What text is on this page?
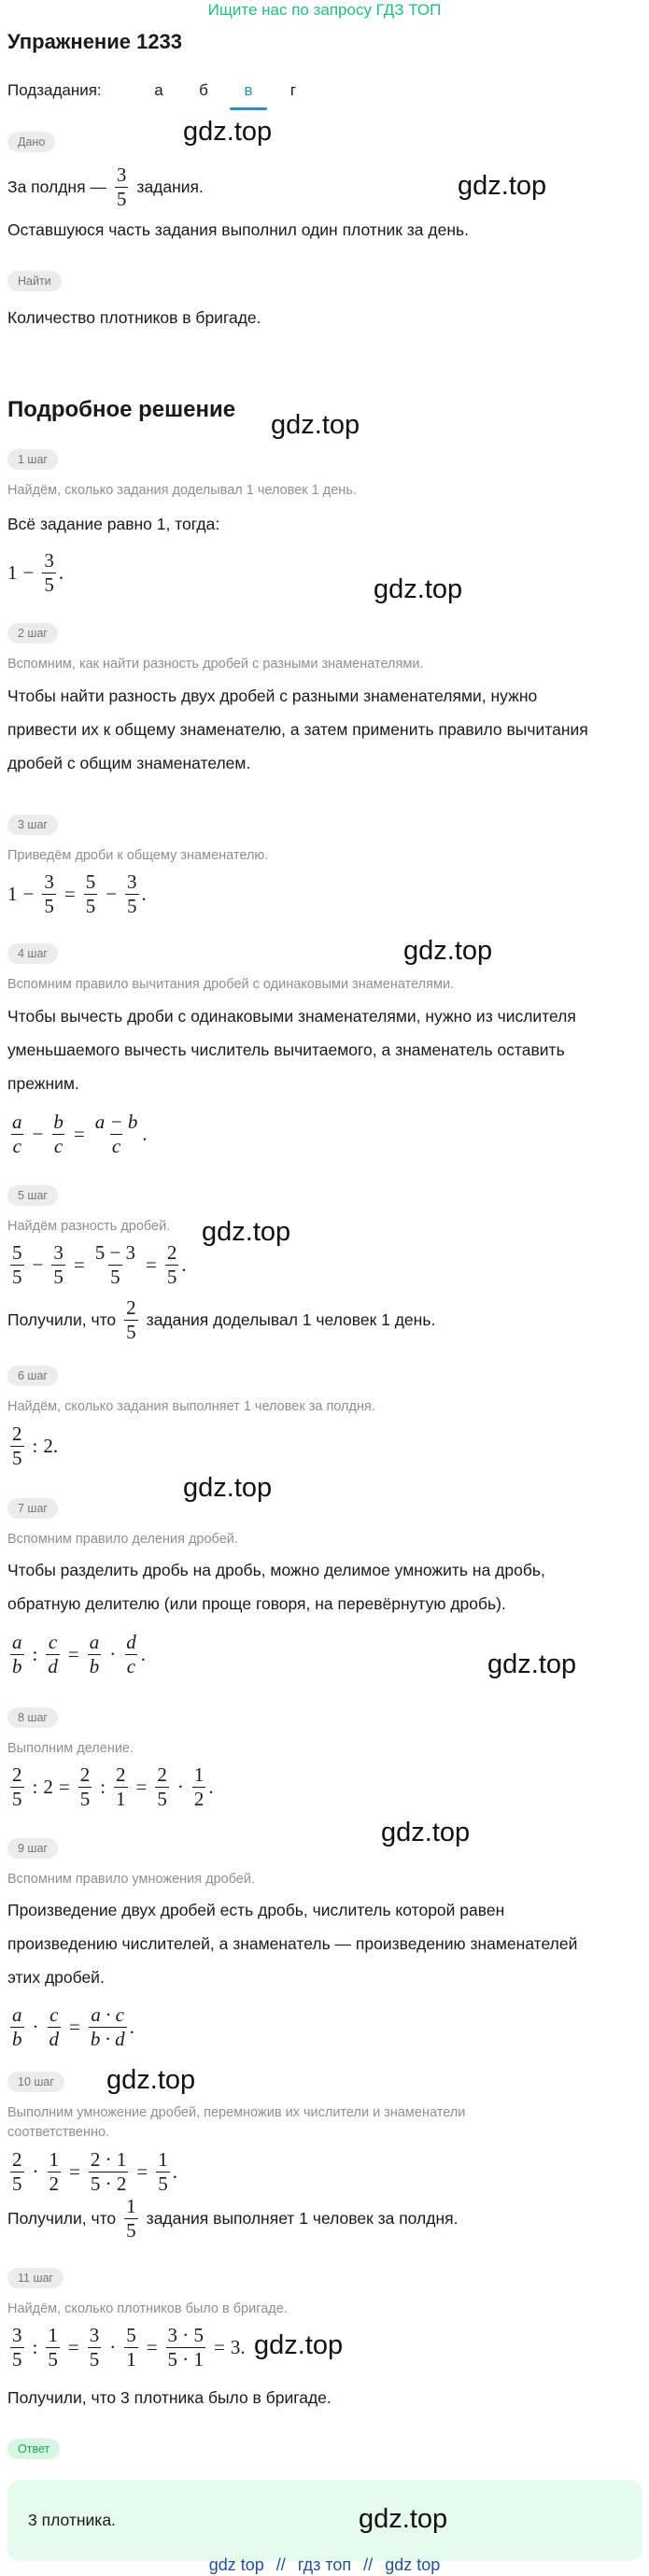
Ищите нас по запросу ГДЗ ТОП
Упражнение 1233
Подзадания:	а	б	в	г
Дано	gdz.top
За полдня — $\frac{3}{5}$ задания.	gdz.top
Оставшуюся часть задания выполнил один плотник за день.
Найти
Количество плотников в бригаде.
Подробное решение
gdz.top
1 шаг
Найдём, сколько задания доделывал 1 человек 1 день.
Всё задание равно 1, тогда:
$1 - \frac{3}{5}$ .
gdz.top
2 шаг
Вспомним, как найти разность дробей с разными знаменателями.
Чтобы найти разность двух дробей с разными знаменателями, нужно
привести их к общему знаменателю, а затем применить правило вычитания
дробей с общим знаменателем.
3 шаг
Приведём дроби к общему знаменателю.
$1 - \frac{3}{5} = \frac{5}{5} - \frac{3}{5}$ .
4 шаг	gdz.top
Вспомним правило вычитания дробей с одинаковыми знаменателями.
Чтобы вычесть дроби с одинаковыми знаменателями, нужно из числителя
уменьшаемого вычесть числитель вычитаемого, а знаменатель оставить
прежним.
$\frac{a}{c} - \frac{b}{c} = \frac{a - b}{c}$ .
5 шаг
Найдём разность дробей.	gdz.top
$\frac{5}{5} - \frac{3}{5} = \frac{5 - 3}{5} = \frac{2}{5}$ .
Получили, что $\frac{2}{5}$ задания доделывал 1 человек 1 день.
6 шаг
Найдём, сколько задания выполняет 1 человек за полдня.
$\frac{2}{5}$ : 2.
gdz.top
7 шаг
Вспомним правило деления дробей.
Чтобы разделить дробь на дробь, можно делимое умножить на дробь,
обратную делителю (или проще говоря, на перевёрнутую дробь).
$\frac{a}{b}$ : $\frac{c}{d} = \frac{a}{b} \cdot \frac{d}{c}$ .	gdz.top
8 шаг
Выполним деление.
$\frac{2}{5}$ : $2 = \frac{2}{5}$ : $\frac{2}{1} = \frac{2}{5} \cdot \frac{1}{2}$ .
gdz.top
9 шаг
Вспомним правило умножения дробей.
Произведение двух дробей есть дробь, числитель которой равен
произведению числителей, а знаменатель — произведению знаменателей
этих дробей.
$\frac{a}{b} \cdot \frac{c}{d} = \frac{a \cdot c}{b \cdot d}$ .
10 шаг	gdz.top
Выполним умножение дробей, перемножив их числители и знаменатели
соответственно.
$\frac{2}{5} \cdot \frac{1}{2} = \frac{2 \cdot 1}{5 \cdot 2} = \frac{1}{5}$ .
Получили, что $\frac{1}{5}$ задания выполняет 1 человек за полдня.
11 шаг
Найдём, сколько плотников было в бригаде.
$\frac{3}{5}$ : $\frac{1}{5} = \frac{3}{5} \cdot \frac{5}{1} = \frac{3 \cdot 5}{5 \cdot 1} = 3$. gdz.top
Получили, что 3 плотника было в бригаде.
Ответ
3 плотника.	gdz.top
gdz top // гдз топ // gdz top
